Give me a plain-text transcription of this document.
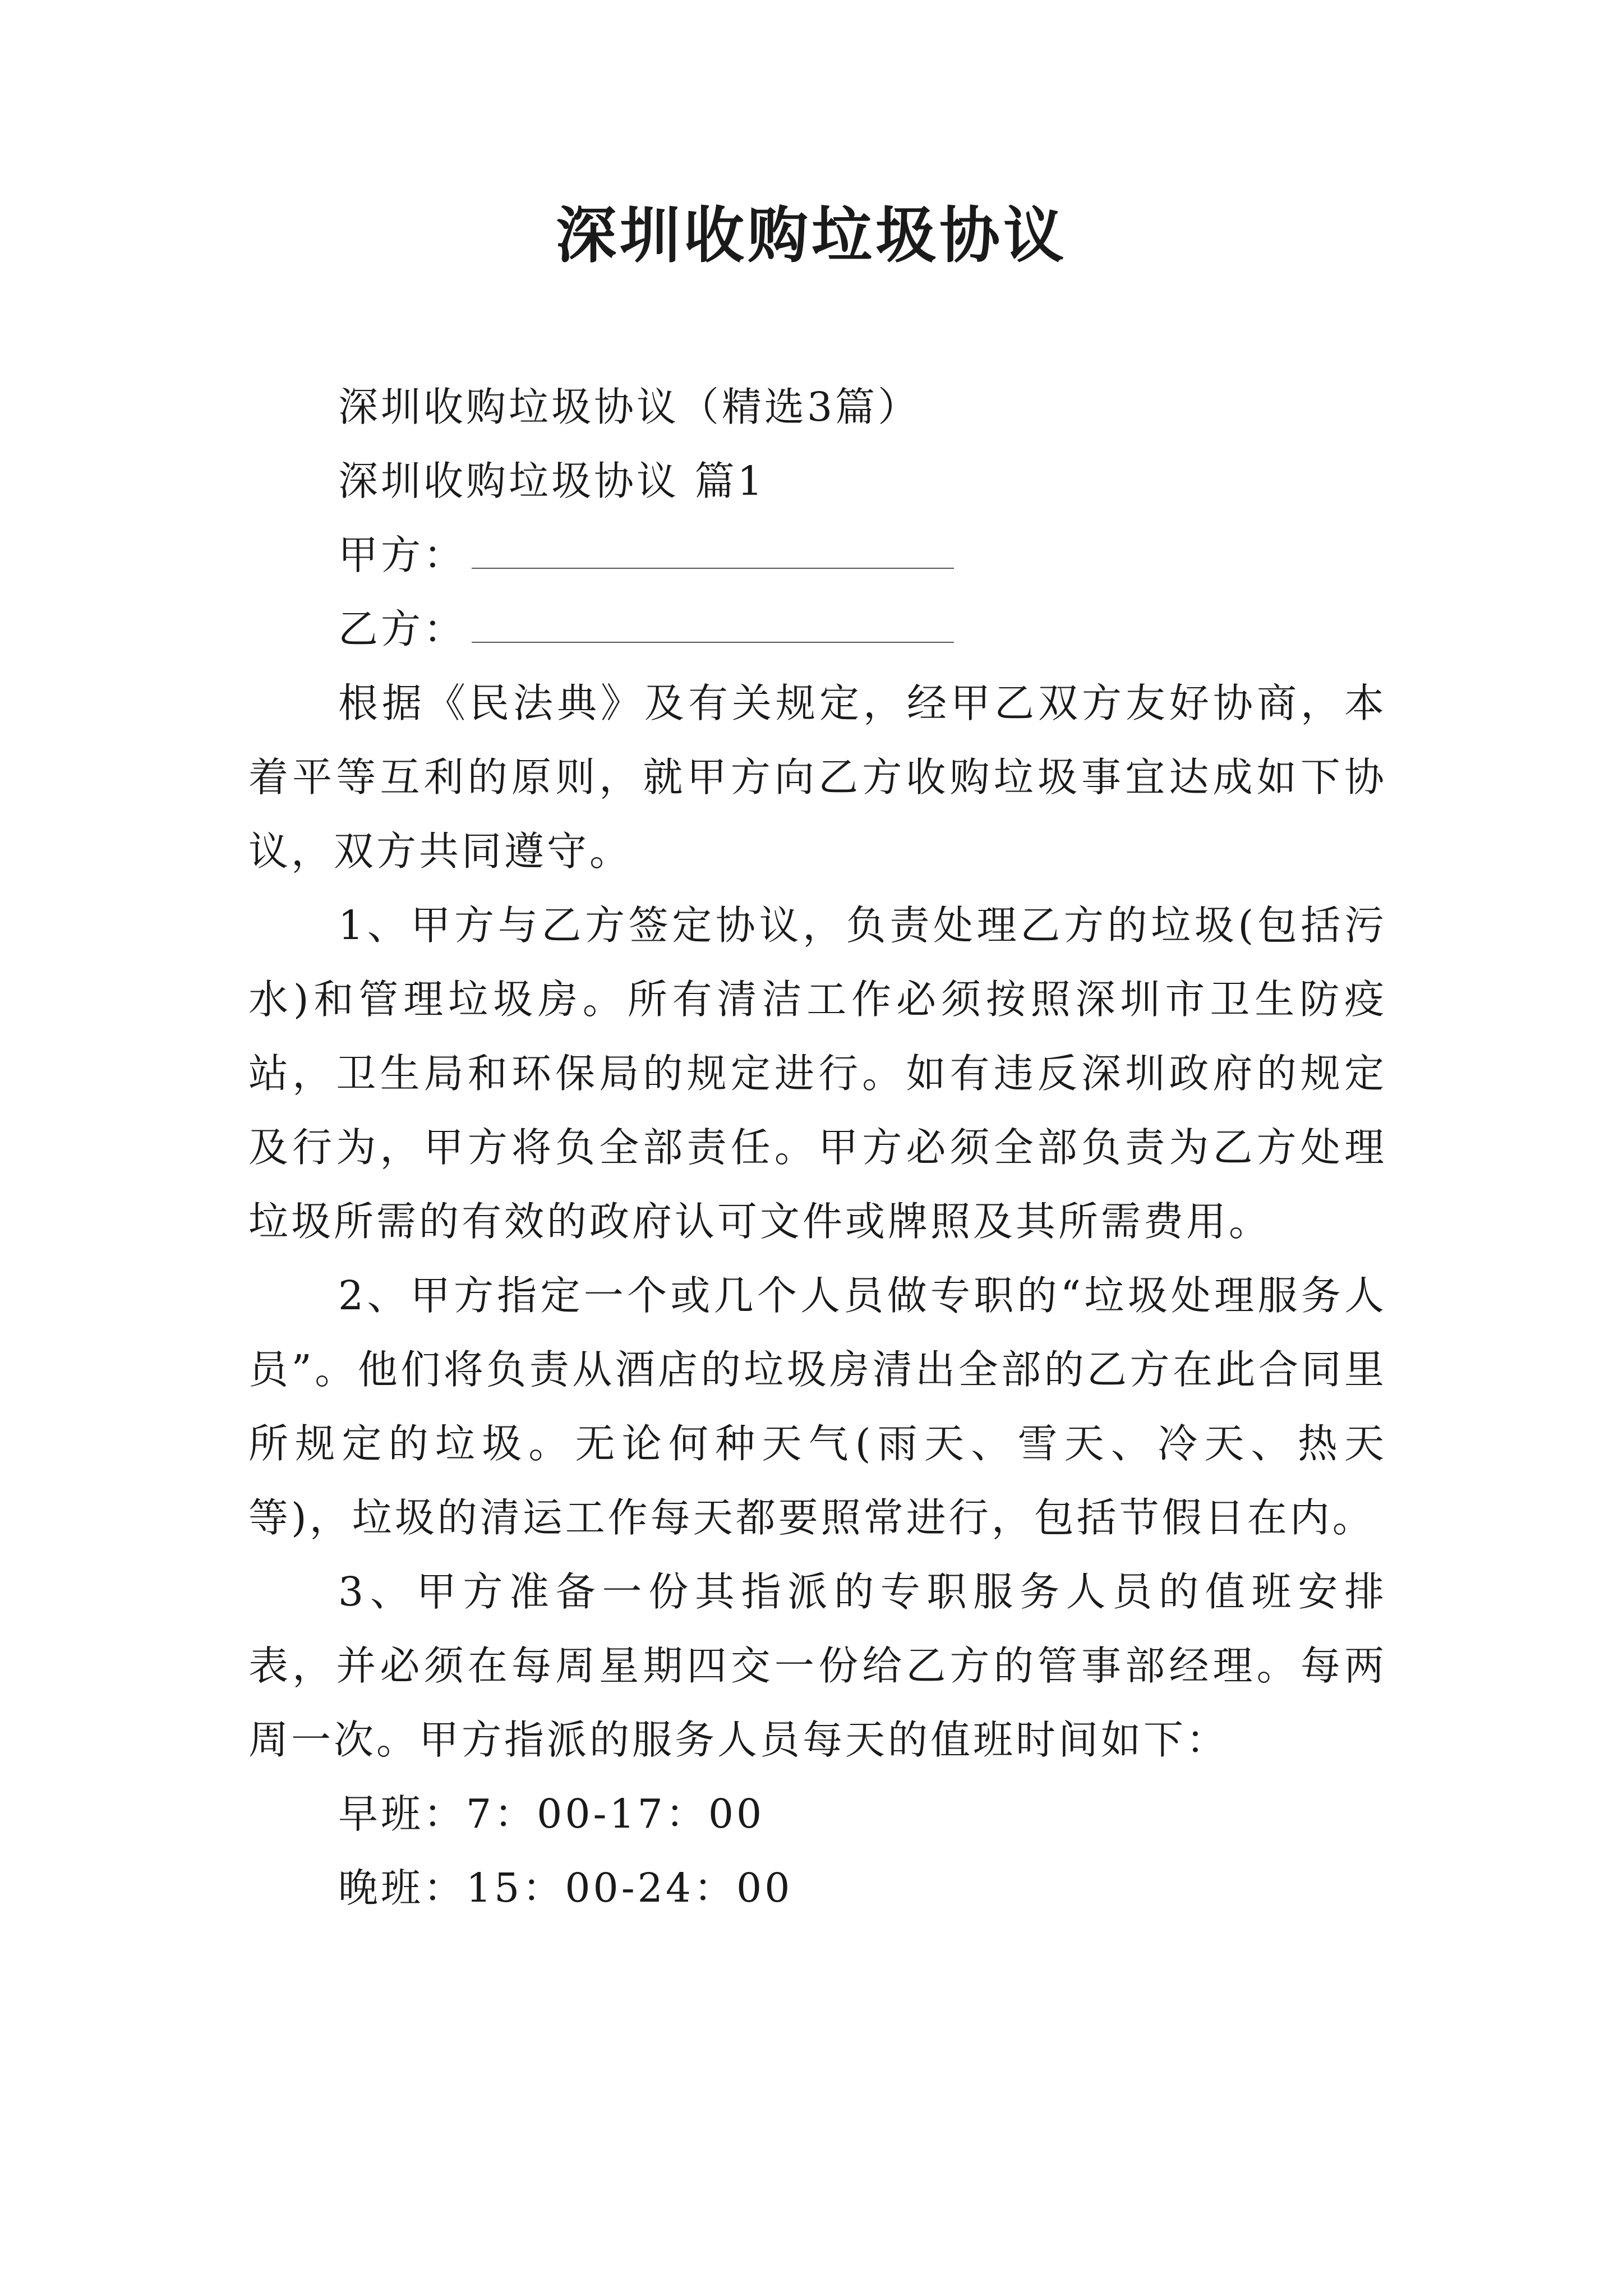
深圳收购垃圾协议

深圳收购垃圾协议（精选3篇）

深圳收购垃圾协议 篇1

甲方：

乙方：

根据《民法典》及有关规定，经甲乙双方友好协商，本着平等互利的原则，就甲方向乙方收购垃圾事宜达成如下协议，双方共同遵守。

1、甲方与乙方签定协议，负责处理乙方的垃圾(包括污水)和管理垃圾房。所有清洁工作必须按照深圳市卫生防疫站，卫生局和环保局的规定进行。如有违反深圳政府的规定及行为，甲方将负全部责任。甲方必须全部负责为乙方处理垃圾所需的有效的政府认可文件或牌照及其所需费用。

2、甲方指定一个或几个人员做专职的“垃圾处理服务人员”。他们将负责从酒店的垃圾房清出全部的乙方在此合同里所规定的垃圾。无论何种天气(雨天、雪天、冷天、热天等)，垃圾的清运工作每天都要照常进行，包括节假日在内。

3、甲方准备一份其指派的专职服务人员的值班安排表，并必须在每周星期四交一份给乙方的管事部经理。每两周一次。甲方指派的服务人员每天的值班时间如下：

早班：7：00-17：00

晚班：15：00-24：00
